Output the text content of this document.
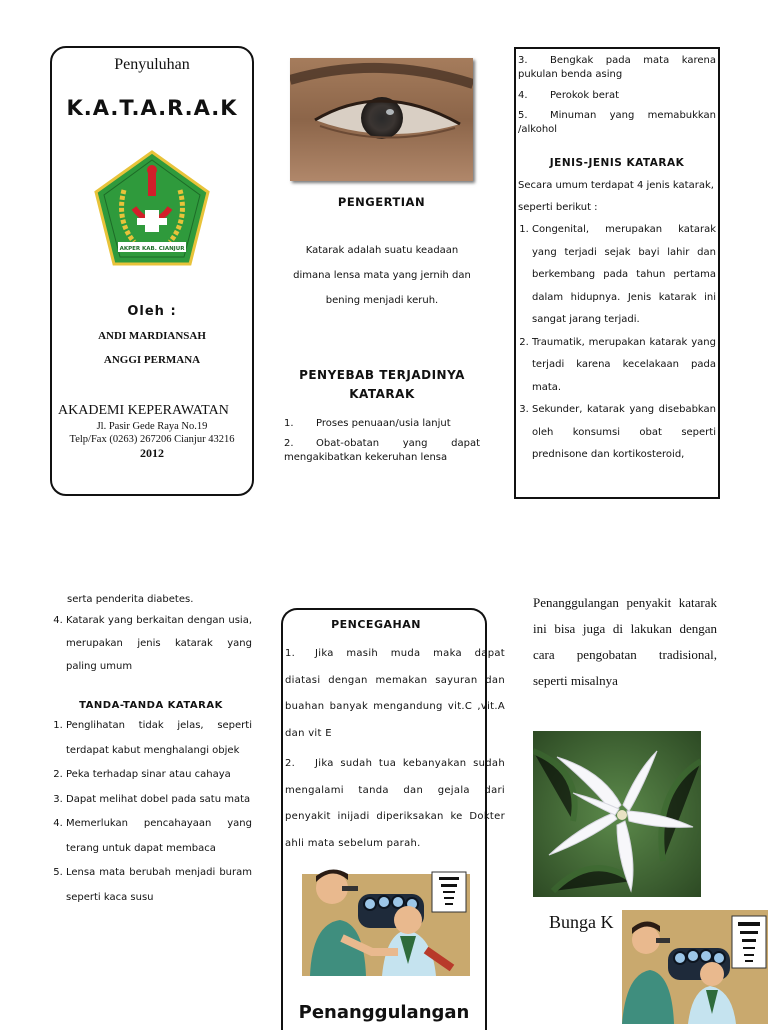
Penyuluhan
K.A.T.A.R.A.K
AKPER KAB. CIANJUR
Oleh :
ANDI MARDIANSAH
ANGGI PERMANA
AKADEMI KEPERAWATAN
Jl. Pasir Gede Raya No.19
Telp/Fax (0263) 267206 Cianjur 43216
2012
PENGERTIAN
Katarak adalah suatu keadaan
dimana lensa mata yang jernih dan
bening menjadi keruh.
PENYEBAB TERJADINYA
KATARAK
1.	Proses penuaan/usia lanjut
2. Obat-obatan yang dapat mengakibatkan kekeruhan lensa
3. Bengkak pada mata karena pukulan benda asing
4.	Perokok berat
5. Minuman yang memabukkan /alkohol
JENIS-JENIS KATARAK
Secara umum terdapat 4 jenis katarak, seperti berikut :
1. Congenital, merupakan katarak yang terjadi sejak bayi lahir dan berkembang pada tahun pertama dalam hidupnya. Jenis katarak ini sangat jarang terjadi.
2. Traumatik, merupakan katarak yang terjadi karena kecelakaan pada mata.
3. Sekunder, katarak yang disebabkan oleh konsumsi obat seperti prednisone dan kortikosteroid,
serta penderita diabetes.
4. Katarak yang berkaitan dengan usia, merupakan jenis katarak yang paling umum
TANDA-TANDA KATARAK
1. Penglihatan tidak jelas, seperti terdapat kabut menghalangi objek
2. Peka terhadap sinar atau cahaya
3. Dapat melihat dobel pada satu mata
4. Memerlukan pencahayaan yang terang untuk dapat membaca
5. Lensa mata berubah menjadi buram seperti kaca susu
PENCEGAHAN
1. Jika masih muda maka dapat diatasi dengan memakan sayuran dan buahan banyak mengandung vit.C ,vit.A dan vit E
2. Jika sudah tua kebanyakan sudah mengalami tanda dan gejala dari penyakit inijadi diperiksakan ke Dokter ahli mata sebelum parah.
Penanggulangan
Penanggulangan penyakit katarak ini bisa juga di lakukan dengan cara pengobatan tradisional, seperti misalnya
Bunga K
